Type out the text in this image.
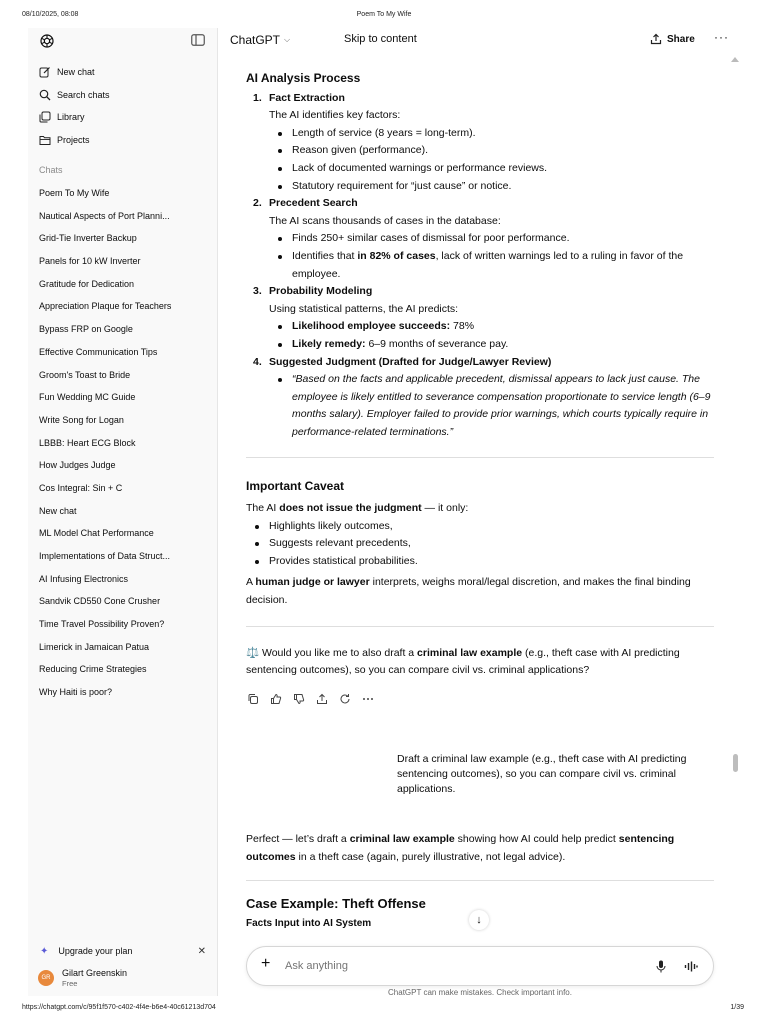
08/10/2025, 08:08	Poem To My Wife
https://chatgpt.com/c/95f1f570-c402-4f4e-b6e4-40c61213d704	1/39
New chat
Search chats
Library
Projects
Chats
Poem To My Wife
Nautical Aspects of Port Planni...
Grid-Tie Inverter Backup
Panels for 10 kW Inverter
Gratitude for Dedication
Appreciation Plaque for Teachers
Bypass FRP on Google
Effective Communication Tips
Groom's Toast to Bride
Fun Wedding MC Guide
Write Song for Logan
LBBB: Heart ECG Block
How Judges Judge
Cos Integral: Sin + C
New chat
ML Model Chat Performance
Implementations of Data Struct...
AI Infusing Electronics
Sandvik CD550 Cone Crusher
Time Travel Possibility Proven?
Limerick in Jamaican Patua
Reducing Crime Strategies
Why Haiti is poor?
✦ Upgrade your plan	✕
GR	Gilart Greenskin
Free
ChatGPT ⌵	Skip to content	Share ···
AI Analysis Process
1. Fact Extraction
The AI identifies key factors:
Length of service (8 years = long-term).
Reason given (performance).
Lack of documented warnings or performance reviews.
Statutory requirement for “just cause” or notice.
2. Precedent Search
The AI scans thousands of cases in the database:
Finds 250+ similar cases of dismissal for poor performance.
Identifies that in 82% of cases, lack of written warnings led to a ruling in favor of the employee.
3. Probability Modeling
Using statistical patterns, the AI predicts:
Likelihood employee succeeds: 78%
Likely remedy: 6–9 months of severance pay.
4. Suggested Judgment (Drafted for Judge/Lawyer Review)
“Based on the facts and applicable precedent, dismissal appears to lack just cause. The employee is likely entitled to severance compensation proportionate to service length (6–9 months salary). Employer failed to provide prior warnings, which courts typically require in performance-related terminations.”
Important Caveat
The AI does not issue the judgment — it only:
Highlights likely outcomes,
Suggests relevant precedents,
Provides statistical probabilities.
A human judge or lawyer interprets, weighs moral/legal discretion, and makes the final binding decision.
⚖️ Would you like me to also draft a criminal law example (e.g., theft case with AI predicting sentencing outcomes), so you can compare civil vs. criminal applications?
Draft a criminal law example (e.g., theft case with AI predicting sentencing outcomes), so you can compare civil vs. criminal applications.
Perfect — let’s draft a criminal law example showing how AI could help predict sentencing outcomes in a theft case (again, purely illustrative, not legal advice).
Case Example: Theft Offense
Facts Input into AI System	↓
+
Ask anything
ChatGPT can make mistakes. Check important info.
